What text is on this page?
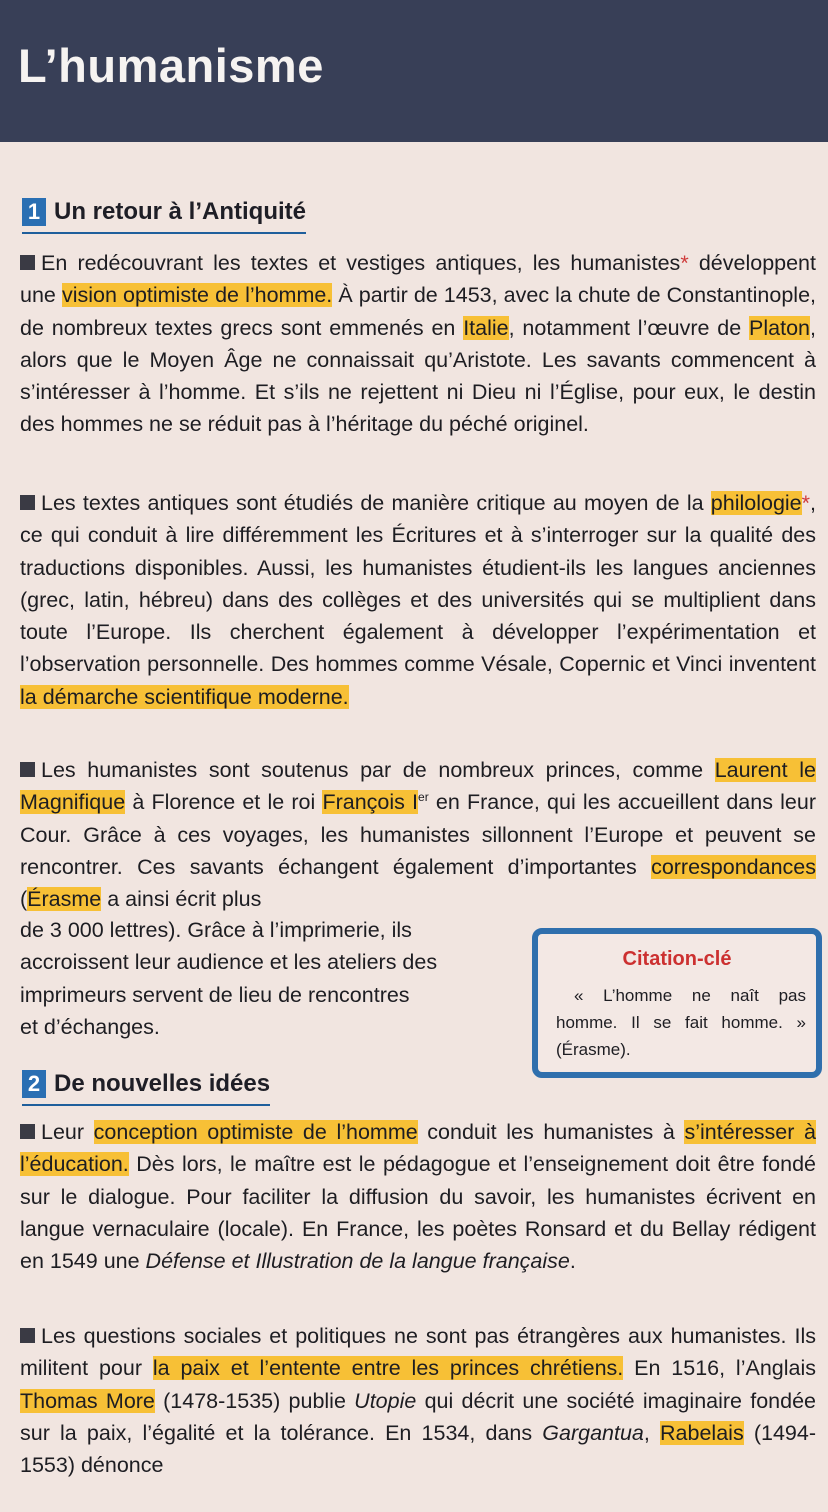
L’humanisme
1 Un retour à l’Antiquité
En redécouvrant les textes et vestiges antiques, les humanistes* développent une vision optimiste de l’homme. À partir de 1453, avec la chute de Constantinople, de nombreux textes grecs sont emmenés en Italie, notamment l’œuvre de Platon, alors que le Moyen Âge ne connaissait qu’Aristote. Les savants commencent à s’intéresser à l’homme. Et s’ils ne rejettent ni Dieu ni l’Église, pour eux, le destin des hommes ne se réduit pas à l’héritage du péché originel.
Les textes antiques sont étudiés de manière critique au moyen de la philologie*, ce qui conduit à lire différemment les Écritures et à s’interroger sur la qualité des traductions disponibles. Aussi, les humanistes étudient-ils les langues anciennes (grec, latin, hébreu) dans des collèges et des universités qui se multiplient dans toute l’Europe. Ils cherchent également à développer l’expérimentation et l’observation personnelle. Des hommes comme Vésale, Copernic et Vinci inventent la démarche scientifique moderne.
Les humanistes sont soutenus par de nombreux princes, comme Laurent le Magnifique à Florence et le roi François Ier en France, qui les accueillent dans leur Cour. Grâce à ces voyages, les humanistes sillonnent l’Europe et peuvent se rencontrer. Ces savants échangent également d’importantes correspondances (Érasme a ainsi écrit plus
de 3 000 lettres). Grâce à l’imprimerie, ils
accroissent leur audience et les ateliers des
imprimeurs servent de lieu de rencontres
et d’échanges.
Citation-clé
« L’homme ne naît pas homme. Il se fait homme. » (Érasme).
2 De nouvelles idées
Leur conception optimiste de l’homme conduit les humanistes à s’intéresser à l’éducation. Dès lors, le maître est le pédagogue et l’enseignement doit être fondé sur le dialogue. Pour faciliter la diffusion du savoir, les humanistes écrivent en langue vernaculaire (locale). En France, les poètes Ronsard et du Bellay rédigent en 1549 une Défense et Illustration de la langue française.
Les questions sociales et politiques ne sont pas étrangères aux humanistes. Ils militent pour la paix et l’entente entre les princes chrétiens. En 1516, l’Anglais Thomas More (1478-1535) publie Utopie qui décrit une société imaginaire fondée sur la paix, l’égalité et la tolérance. En 1534, dans Gargantua, Rabelais (1494-1553) dénonce
